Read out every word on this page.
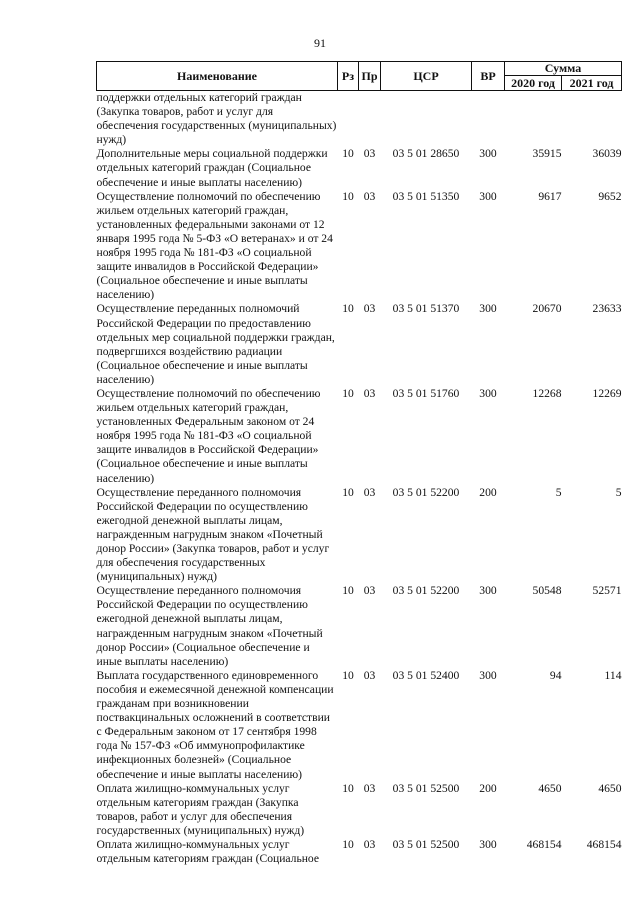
91
Наименование	Рз	Пр	ЦСР	ВР	Сумма	
					2020 год	2021 год
поддержки отдельных категорий граждан (Закупка товаров, работ и услуг для обеспечения государственных (муниципальных) нужд)						
Дополнительные меры социальной поддержки отдельных категорий граждан (Социальное обеспечение и иные выплаты населению)	10	03	03 5 01 28650	300	35915	36039
Осуществление полномочий по обеспечению жильем отдельных категорий граждан, установленных федеральными законами от 12 января 1995 года № 5-ФЗ «О ветеранах» и от 24 ноября 1995 года № 181-ФЗ «О социальной защите инвалидов в Российской Федерации» (Социальное обеспечение и иные выплаты населению)	10	03	03 5 01 51350	300	9617	9652
Осуществление переданных полномочий Российской Федерации по предоставлению отдельных мер социальной поддержки граждан, подвергшихся воздействию радиации (Социальное обеспечение и иные выплаты населению)	10	03	03 5 01 51370	300	20670	23633
Осуществление полномочий по обеспечению жильем отдельных категорий граждан, установленных Федеральным законом от 24 ноября 1995 года № 181-ФЗ «О социальной защите инвалидов в Российской Федерации» (Социальное обеспечение и иные выплаты населению)	10	03	03 5 01 51760	300	12268	12269
Осуществление переданного полномочия Российской Федерации по осуществлению ежегодной денежной выплаты лицам, награжденным нагрудным знаком «Почетный донор России» (Закупка товаров, работ и услуг для обеспечения государственных (муниципальных) нужд)	10	03	03 5 01 52200	200	5	5
Осуществление переданного полномочия Российской Федерации по осуществлению ежегодной денежной выплаты лицам, награжденным нагрудным знаком «Почетный донор России» (Социальное обеспечение и иные выплаты населению)	10	03	03 5 01 52200	300	50548	52571
Выплата государственного единовременного пособия и ежемесячной денежной компенсации гражданам при возникновении поствакцинальных осложнений в соответствии с Федеральным законом от 17 сентября 1998 года № 157-ФЗ «Об иммунопрофилактике инфекционных болезней» (Социальное обеспечение и иные выплаты населению)	10	03	03 5 01 52400	300	94	114
Оплата жилищно-коммунальных услуг отдельным категориям граждан (Закупка товаров, работ и услуг для обеспечения государственных (муниципальных) нужд)	10	03	03 5 01 52500	200	4650	4650
Оплата жилищно-коммунальных услуг отдельным категориям граждан (Социальное	10	03	03 5 01 52500	300	468154	468154
